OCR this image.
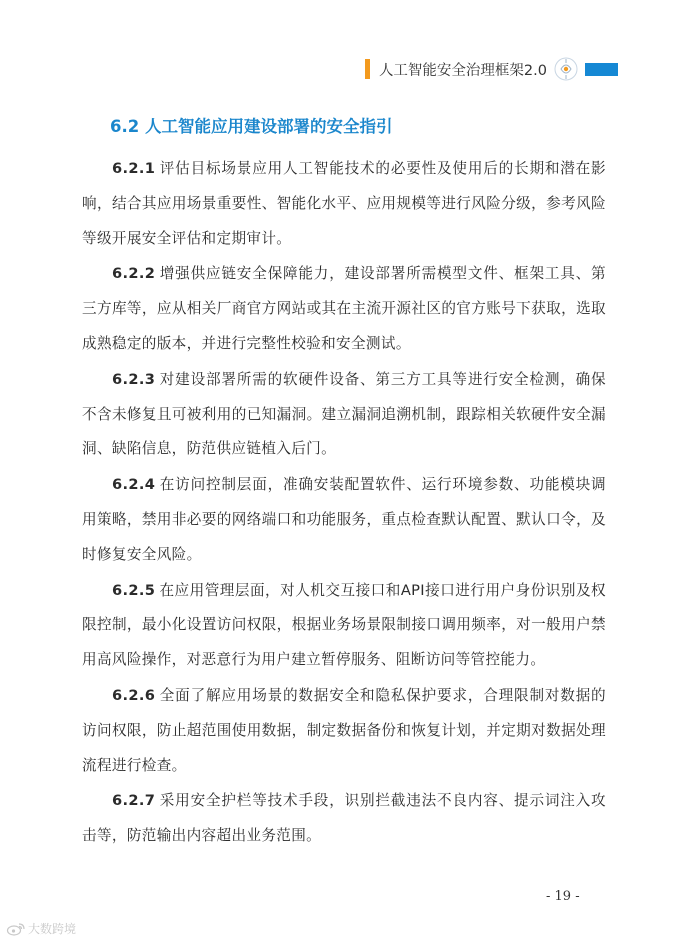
人工智能安全治理框架2.0
6.2 人工智能应用建设部署的安全指引

6.2.1 评估目标场景应用人工智能技术的必要性及使用后的长期和潜在影响，结合其应用场景重要性、智能化水平、应用规模等进行风险分级，参考风险等级开展安全评估和定期审计。

6.2.2 增强供应链安全保障能力，建设部署所需模型文件、框架工具、第三方库等，应从相关厂商官方网站或其在主流开源社区的官方账号下获取，选取成熟稳定的版本，并进行完整性校验和安全测试。

6.2.3 对建设部署所需的软硬件设备、第三方工具等进行安全检测，确保不含未修复且可被利用的已知漏洞。建立漏洞追溯机制，跟踪相关软硬件安全漏洞、缺陷信息，防范供应链植入后门。

6.2.4 在访问控制层面，准确安装配置软件、运行环境参数、功能模块调用策略，禁用非必要的网络端口和功能服务，重点检查默认配置、默认口令，及时修复安全风险。

6.2.5 在应用管理层面，对人机交互接口和API接口进行用户身份识别及权限控制，最小化设置访问权限，根据业务场景限制接口调用频率，对一般用户禁用高风险操作，对恶意行为用户建立暂停服务、阻断访问等管控能力。

6.2.6 全面了解应用场景的数据安全和隐私保护要求，合理限制对数据的访问权限，防止超范围使用数据，制定数据备份和恢复计划，并定期对数据处理流程进行检查。

6.2.7 采用安全护栏等技术手段，识别拦截违法不良内容、提示词注入攻击等，防范输出内容超出业务范围。

- 19 -
大数跨境
